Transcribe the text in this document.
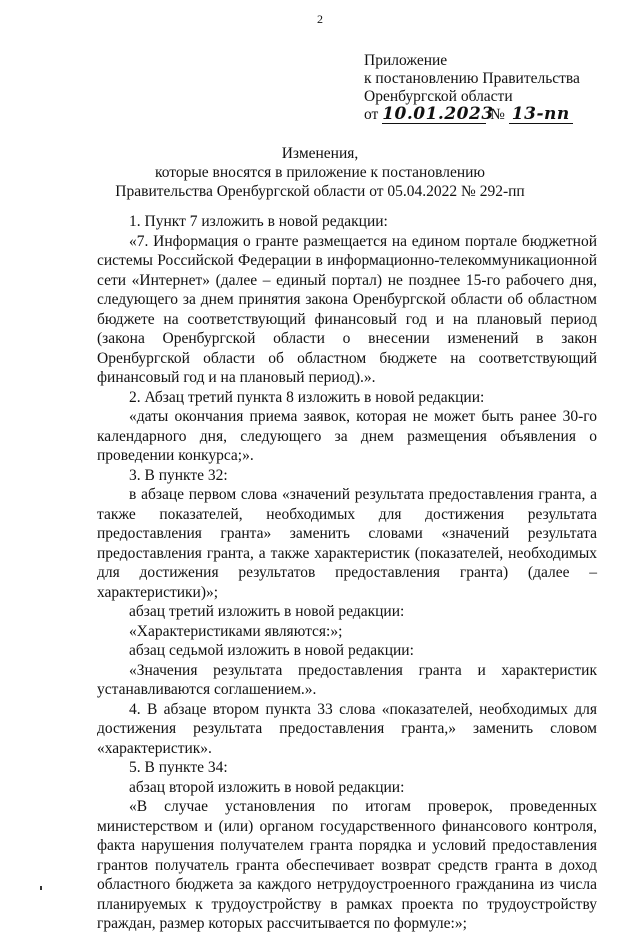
2
Приложение
к постановлению Правительства
Оренбургской области
от 10.01.2023 № 13-пп
Изменения,
которые вносятся в приложение к постановлению
Правительства Оренбургской области от 05.04.2022 № 292-пп

1. Пункт 7 изложить в новой редакции:

«7. Информация о гранте размещается на едином портале бюджетной системы Российской Федерации в информационно-телекоммуникационной сети «Интернет» (далее – единый портал) не позднее 15-го рабочего дня, следующего за днем принятия закона Оренбургской области об областном бюджете на соответствующий финансовый год и на плановый период (закона Оренбургской области о внесении изменений в закон Оренбургской области об областном бюджете на соответствующий финансовый год и на плановый период).».

2. Абзац третий пункта 8 изложить в новой редакции:

«даты окончания приема заявок, которая не может быть ранее 30-го календарного дня, следующего за днем размещения объявления о проведении конкурса;».

3. В пункте 32:

в абзаце первом слова «значений результата предоставления гранта, а также показателей, необходимых для достижения результата предоставления гранта» заменить словами «значений результата предоставления гранта, а также характеристик (показателей, необходимых для достижения результатов предоставления гранта) (далее – характеристики)»;

абзац третий изложить в новой редакции:

«Характеристиками являются:»;

абзац седьмой изложить в новой редакции:

«Значения результата предоставления гранта и характеристик устанавливаются соглашением.».

4. В абзаце втором пункта 33 слова «показателей, необходимых для достижения результата предоставления гранта,» заменить словом «характеристик».

5. В пункте 34:

абзац второй изложить в новой редакции:

«В случае установления по итогам проверок, проведенных министерством и (или) органом государственного финансового контроля, факта нарушения получателем гранта порядка и условий предоставления грантов получатель гранта обеспечивает возврат средств гранта в доход областного бюджета за каждого нетрудоустроенного гражданина из числа планируемых к трудоустройству в рамках проекта по трудоустройству граждан, размер которых рассчитывается по формуле:»;
